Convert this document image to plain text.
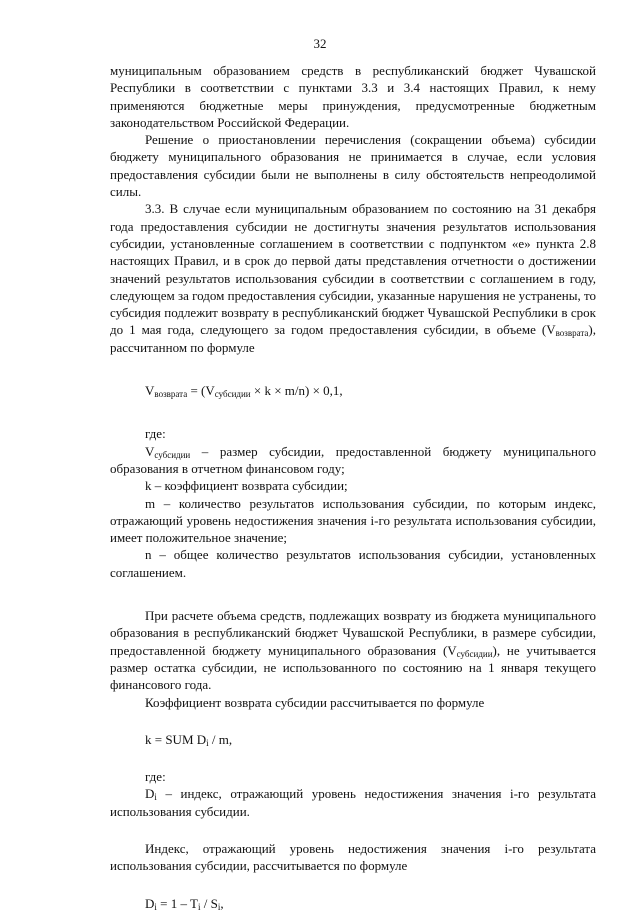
32

муниципальным образованием средств в республиканский бюджет Чувашской Республики в соответствии с пунктами 3.3 и 3.4 настоящих Правил, к нему применяются бюджетные меры принуждения, предусмотренные бюджетным законодательством Российской Федерации.

Решение о приостановлении перечисления (сокращении объема) субсидии бюджету муниципального образования не принимается в случае, если условия предоставления субсидии были не выполнены в силу обстоятельств непреодолимой силы.

3.3. В случае если муниципальным образованием по состоянию на 31 декабря года предоставления субсидии не достигнуты значения результатов использования субсидии, установленные соглашением в соответствии с подпунктом «е» пункта 2.8 настоящих Правил, и в срок до первой даты представления отчетности о достижении значений результатов использования субсидии в соответствии с соглашением в году, следующем за годом предоставления субсидии, указанные нарушения не устранены, то субсидия подлежит возврату в республиканский бюджет Чувашской Республики в срок до 1 мая года, следующего за годом предоставления субсидии, в объеме $(V_{возврата})$, рассчитанном по формуле

$V_{возврата} = (V_{субсидии} \times k \times m/n) \times 0,1$,

где:

$V_{субсидии}$ – размер субсидии, предоставленной бюджету муниципального образования в отчетном финансовом году;

k – коэффициент возврата субсидии;

m – количество результатов использования субсидии, по которым индекс, отражающий уровень недостижения значения i-го результата использования субсидии, имеет положительное значение;

n – общее количество результатов использования субсидии, установленных соглашением.

При расчете объема средств, подлежащих возврату из бюджета муниципального образования в республиканский бюджет Чувашской Республики, в размере субсидии, предоставленной бюджету муниципального образования $(V_{субсидии})$, не учитывается размер остатка субсидии, не использованного по состоянию на 1 января текущего финансового года.

Коэффициент возврата субсидии рассчитывается по формуле

k = SUM $D_i$ / m,

где:

$D_i$ – индекс, отражающий уровень недостижения значения i-го результата использования субсидии.

Индекс, отражающий уровень недостижения значения i-го результата использования субсидии, рассчитывается по формуле

$D_i = 1 - T_i / S_i$,
